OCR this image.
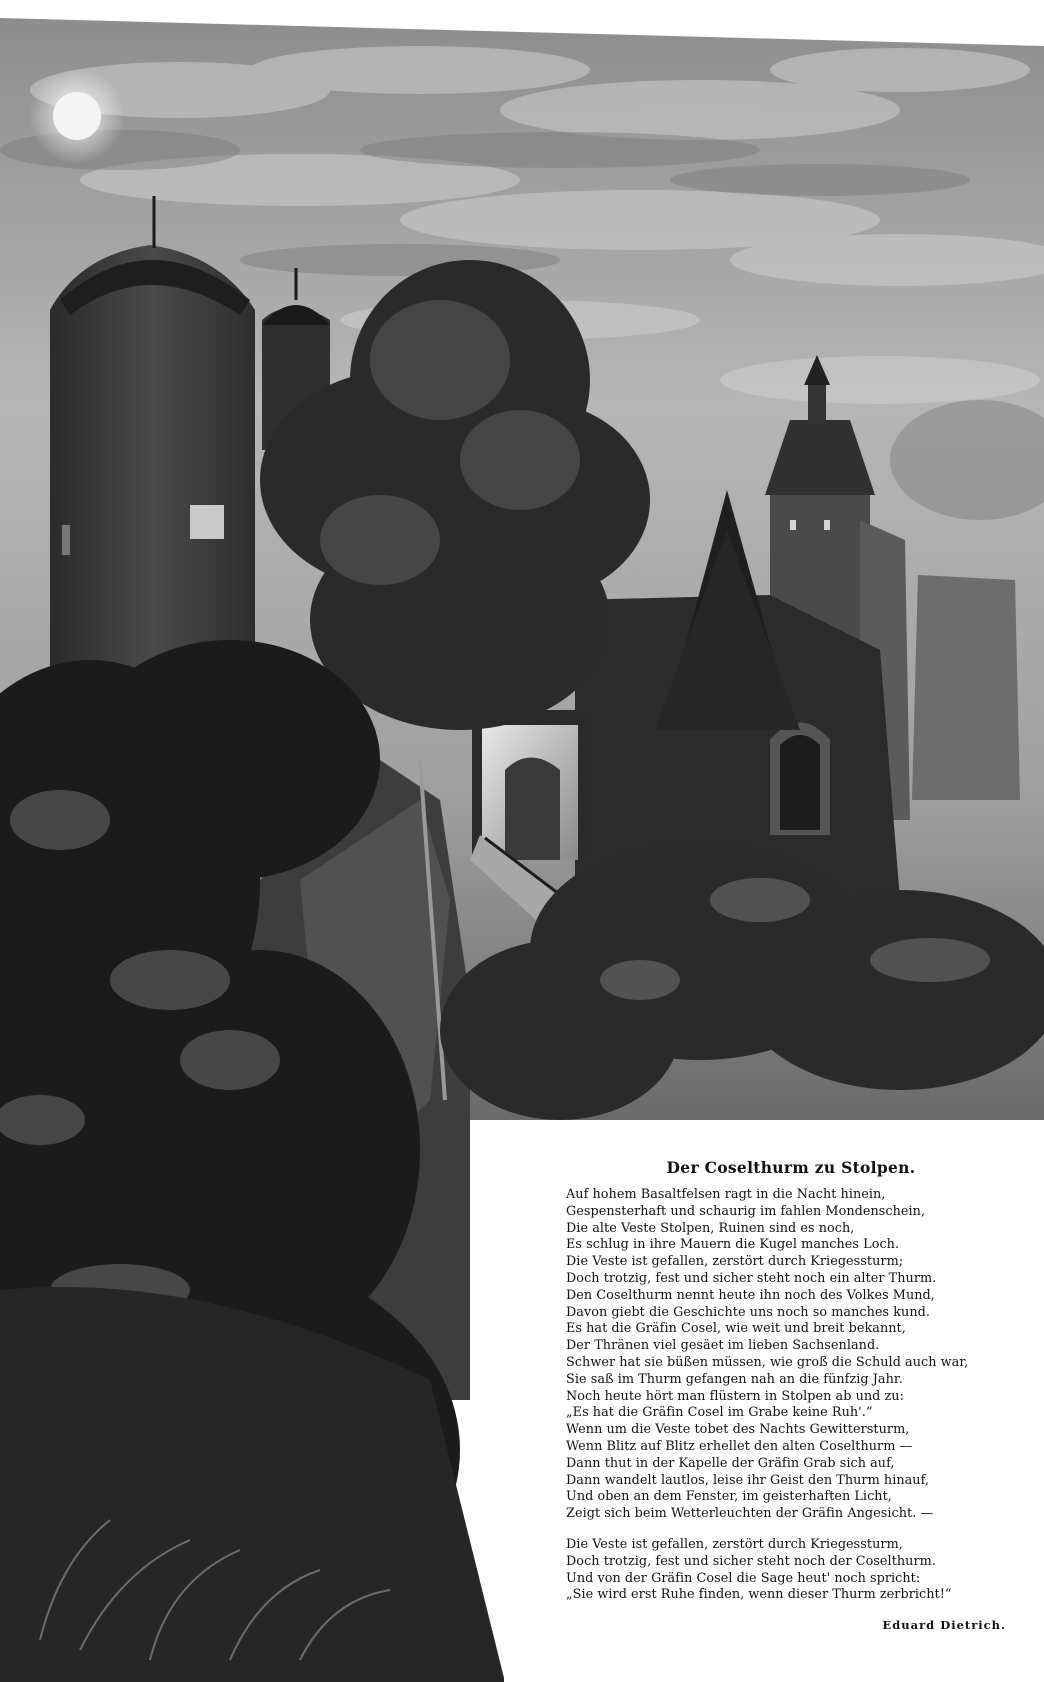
Der Coselthurm zu Stolpen.
Auf hohem Basaltfelsen ragt in die Nacht hinein,
Gespensterhaft und schaurig im fahlen Mondenschein,
Die alte Veste Stolpen, Ruinen sind es noch,
Es schlug in ihre Mauern die Kugel manches Loch.
Die Veste ist gefallen, zerstört durch Kriegessturm;
Doch trotzig, fest und sicher steht noch ein alter Thurm.
Den Coselthurm nennt heute ihn noch des Volkes Mund,
Davon giebt die Geschichte uns noch so manches kund.
Es hat die Gräfin Cosel, wie weit und breit bekannt,
Der Thränen viel gesäet im lieben Sachsenland.
Schwer hat sie büßen müssen, wie groß die Schuld auch war,
Sie saß im Thurm gefangen nah an die fünfzig Jahr.
Noch heute hört man flüstern in Stolpen ab und zu:
„Es hat die Gräfin Cosel im Grabe keine Ruh'.“
Wenn um die Veste tobet des Nachts Gewittersturm,
Wenn Blitz auf Blitz erhellet den alten Coselthurm —
Dann thut in der Kapelle der Gräfin Grab sich auf,
Dann wandelt lautlos, leise ihr Geist den Thurm hinauf,
Und oben an dem Fenster, im geisterhaften Licht,
Zeigt sich beim Wetterleuchten der Gräfin Angesicht. —
Die Veste ist gefallen, zerstört durch Kriegessturm,
Doch trotzig, fest und sicher steht noch der Coselthurm.
Und von der Gräfin Cosel die Sage heut' noch spricht:
„Sie wird erst Ruhe finden, wenn dieser Thurm zerbricht!“
Eduard Dietrich.
